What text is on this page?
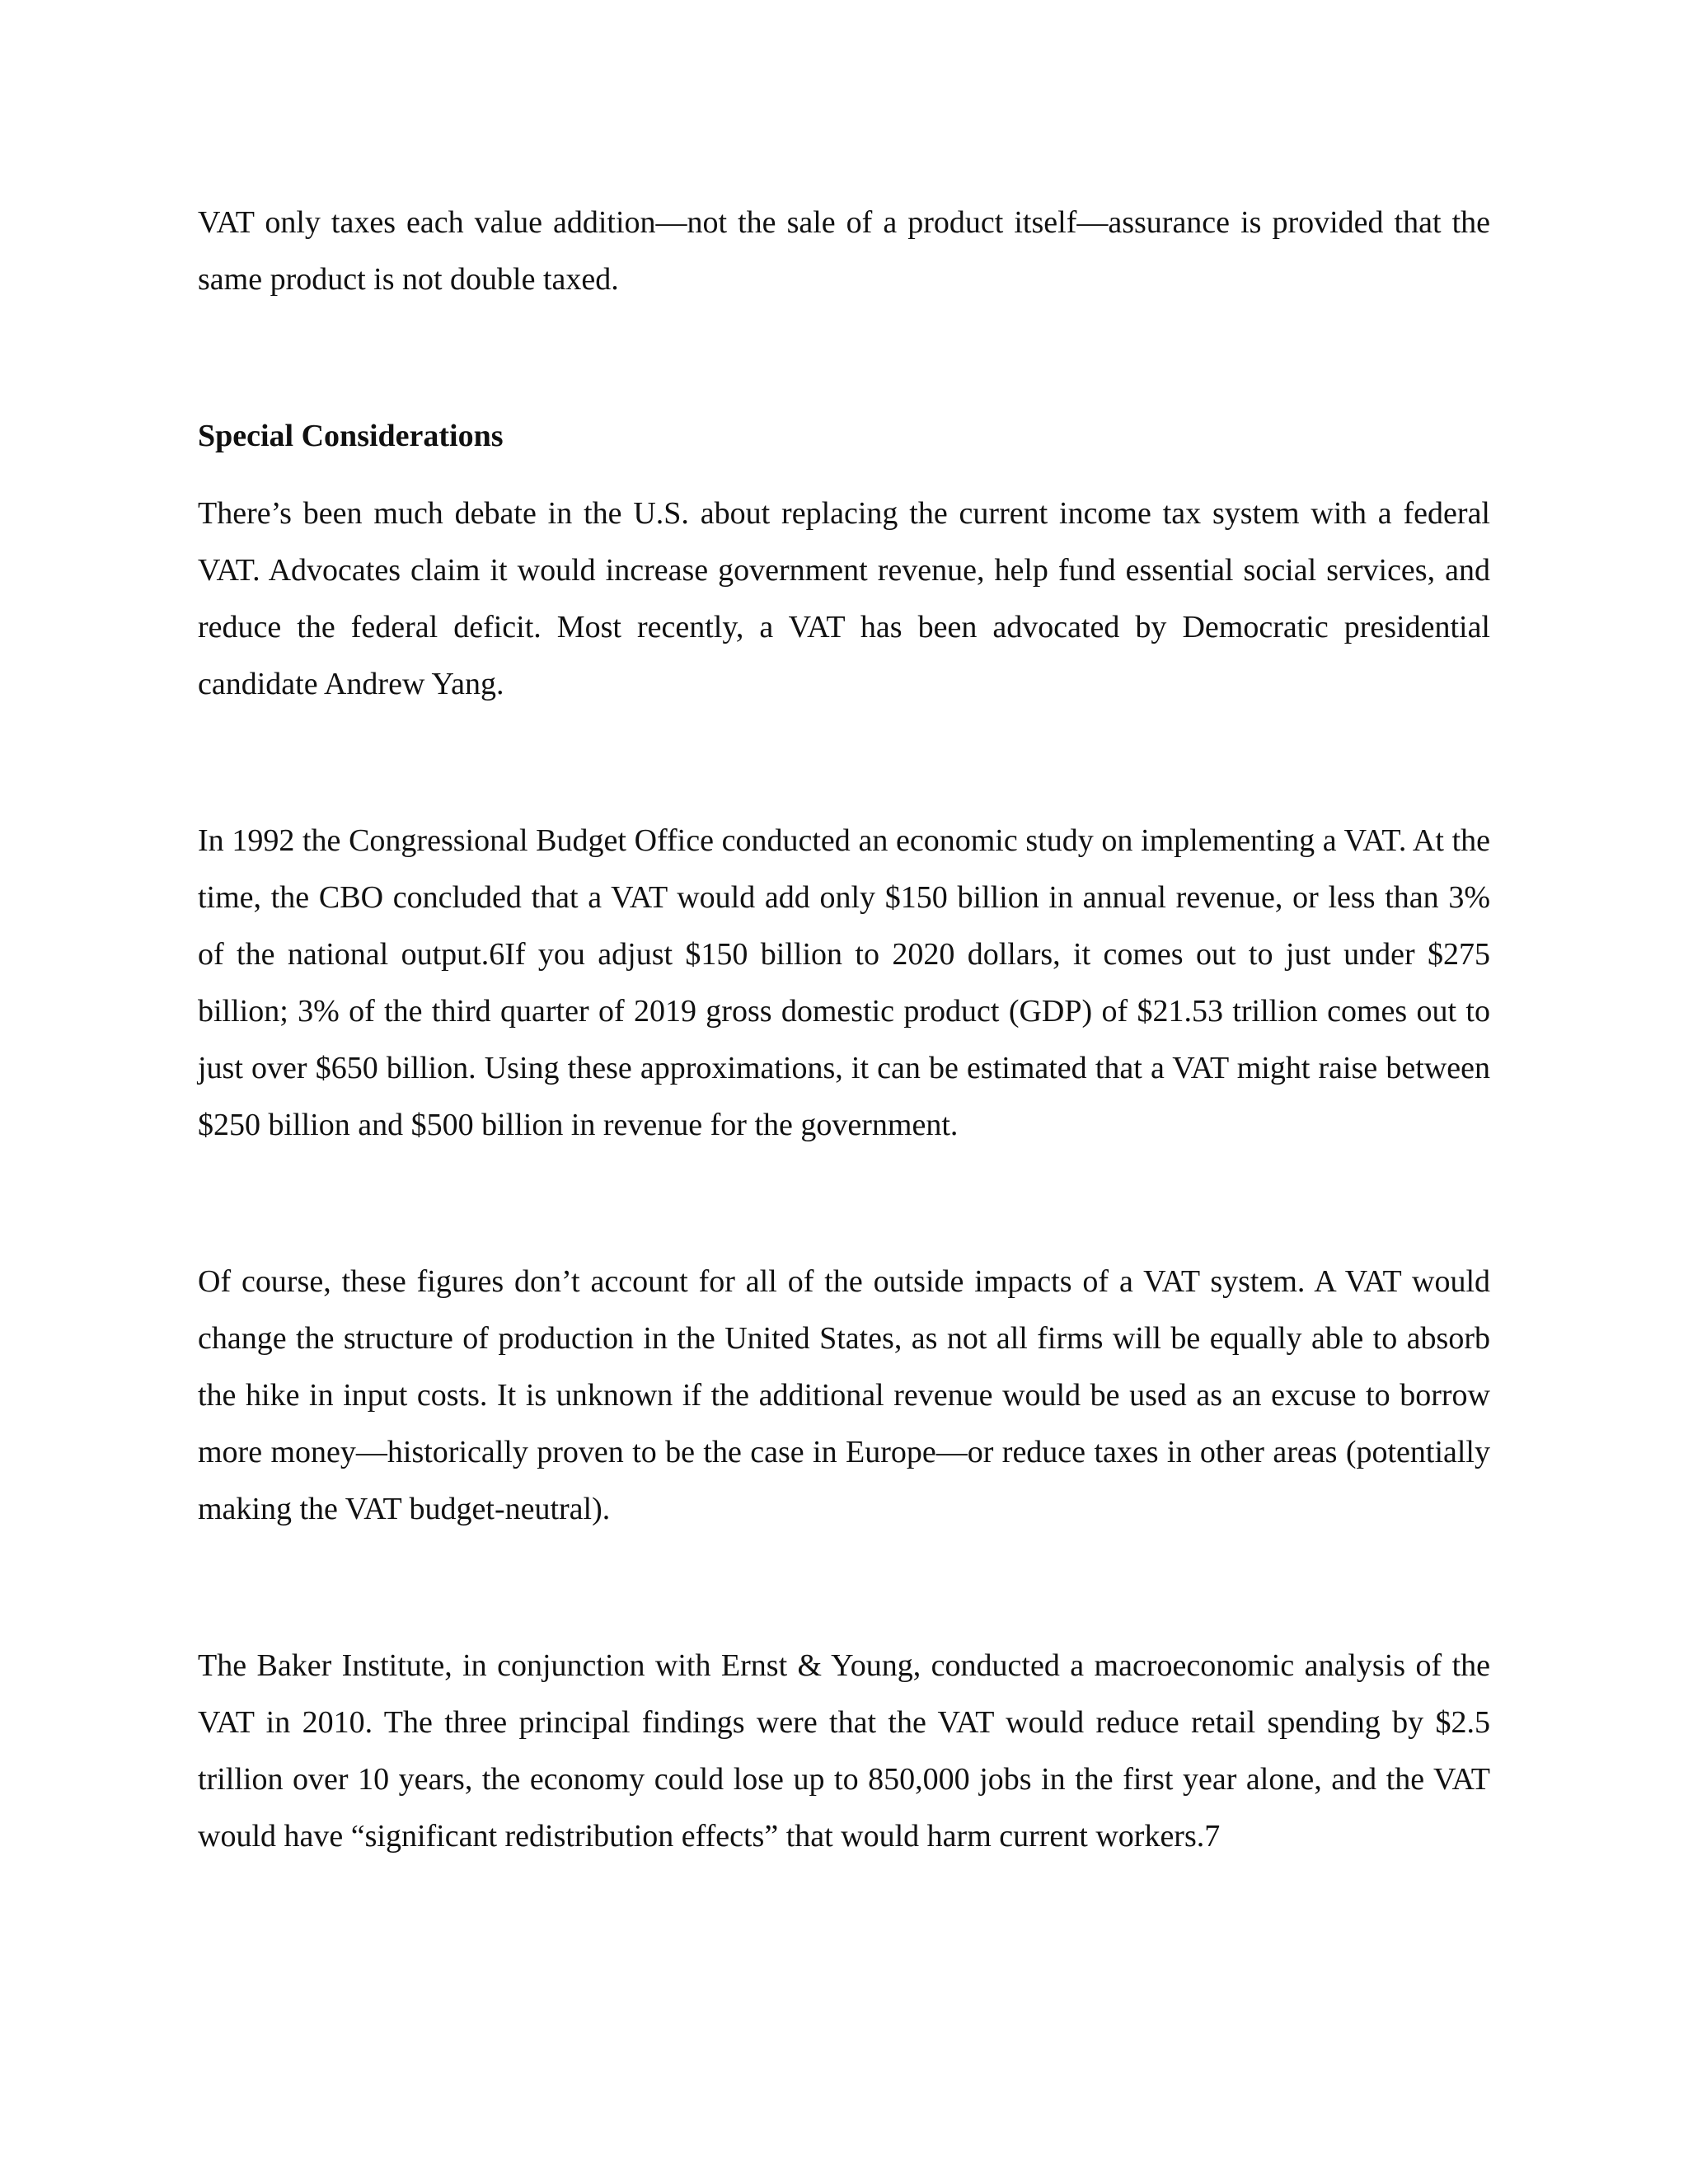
VAT only taxes each value addition—not the sale of a product itself—assurance is provided that the same product is not double taxed.

Special Considerations

There’s been much debate in the U.S. about replacing the current income tax system with a federal VAT. Advocates claim it would increase government revenue, help fund essential social services, and reduce the federal deficit. Most recently, a VAT has been advocated by Democratic presidential candidate Andrew Yang.

In 1992 the Congressional Budget Office conducted an economic study on implementing a VAT. At the time, the CBO concluded that a VAT would add only $150 billion in annual revenue, or less than 3% of the national output.6If you adjust $150 billion to 2020 dollars, it comes out to just under $275 billion; 3% of the third quarter of 2019 gross domestic product (GDP) of $21.53 trillion comes out to just over $650 billion. Using these approximations, it can be estimated that a VAT might raise between $250 billion and $500 billion in revenue for the government.

Of course, these figures don’t account for all of the outside impacts of a VAT system. A VAT would change the structure of production in the United States, as not all firms will be equally able to absorb the hike in input costs. It is unknown if the additional revenue would be used as an excuse to borrow more money—historically proven to be the case in Europe—or reduce taxes in other areas (potentially making the VAT budget-neutral).

The Baker Institute, in conjunction with Ernst & Young, conducted a macroeconomic analysis of the VAT in 2010. The three principal findings were that the VAT would reduce retail spending by $2.5 trillion over 10 years, the economy could lose up to 850,000 jobs in the first year alone, and the VAT would have “significant redistribution effects” that would harm current workers.7
